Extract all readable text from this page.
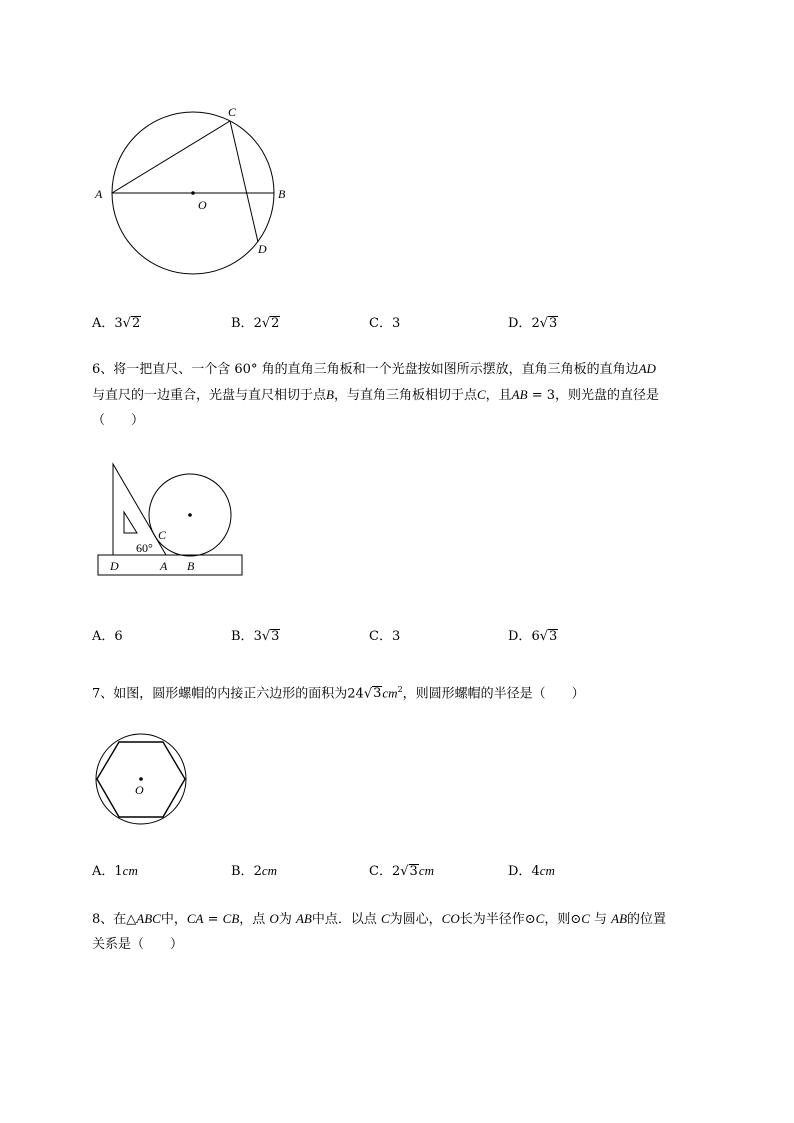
A	B
C
D
O
A．3√2	B．2√2	C．3	D．2√3
6、将一把直尺、一个含 60° 角的直角三角板和一个光盘按如图所示摆放，直角三角板的直角边AD
与直尺的一边重合，光盘与直尺相切于点B，与直角三角板相切于点C，且AB = 3，则光盘的直径是
（　　）
C
60°
D	A B
A．6	B．3√3	C．3	D．6√3
7、如图，圆形螺帽的内接正六边形的面积为$24√3cm^2$，则圆形螺帽的半径是（　　）
O
A．1cm	B．2cm	C．2√3cm	D．4cm
8、在△ABC中，CA = CB，点 O为 AB中点．以点 C为圆心，CO长为半径作⊙C，则⊙C 与 AB的位置
关系是（　　）
